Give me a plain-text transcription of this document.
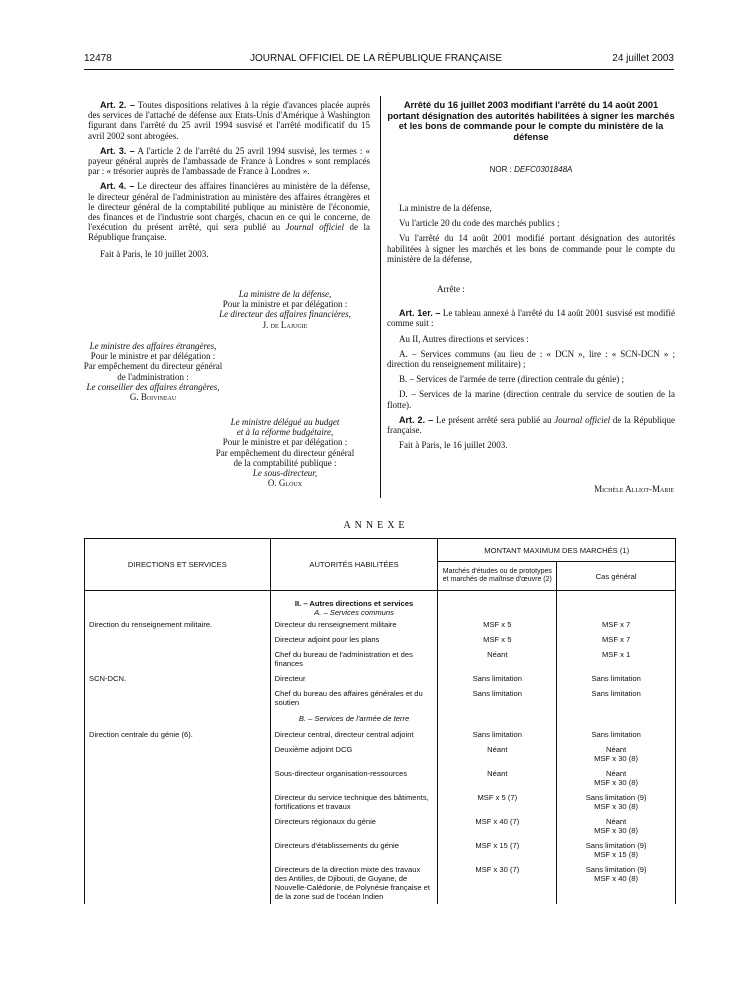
12478	JOURNAL OFFICIEL DE LA RÉPUBLIQUE FRANÇAISE	24 juillet 2003

Art. 2. – Toutes dispositions relatives à la régie d'avances placée auprès des services de l'attaché de défense aux Etats-Unis d'Amérique à Washington figurant dans l'arrêté du 25 avril 1994 susvisé et l'arrêté modificatif du 15 avril 2002 sont abrogées.

Art. 3. – A l'article 2 de l'arrêté du 25 avril 1994 susvisé, les termes : « payeur général auprès de l'ambassade de France à Londres » sont remplacés par : « trésorier auprès de l'ambassade de France à Londres ».

Art. 4. – Le directeur des affaires financières au ministère de la défense, le directeur général de l'administration au ministère des affaires étrangères et le directeur général de la comptabilité publique au ministère de l'économie, des finances et de l'industrie sont chargés, chacun en ce qui le concerne, de l'exécution du présent arrêté, qui sera publié au Journal officiel de la République française.

Fait à Paris, le 10 juillet 2003.

La ministre de la défense,
Pour la ministre et par délégation :
Le directeur des affaires financières,
J. de Lajugie
Le ministre des affaires étrangères,
Pour le ministre et par délégation :
Par empêchement du directeur général
de l'administration :
Le conseiller des affaires étrangères,
G. Boivineau
Le ministre délégué au budget
et à la réforme budgétaire,
Pour le ministre et par délégation :
Par empêchement du directeur général
de la comptabilité publique :
Le sous-directeur,
O. Gloux
Arrêté du 16 juillet 2003 modifiant l'arrêté du 14 août 2001 portant désignation des autorités habilitées à signer les marchés et les bons de commande pour le compte du ministère de la défense
NOR : DEFC0301848A

La ministre de la défense,

Vu l'article 20 du code des marchés publics ;

Vu l'arrêté du 14 août 2001 modifié portant désignation des autorités habilitées à signer les marchés et les bons de commande pour le compte du ministère de la défense,

Arrête :

Art. 1er. – Le tableau annexé à l'arrêté du 14 août 2001 susvisé est modifié comme suit :

Au II, Autres directions et services :

A. – Services communs (au lieu de : « DCN », lire : « SCN-DCN » ; direction du renseignement militaire) ;

B. – Services de l'armée de terre (direction centrale du génie) ;

D. – Services de la marine (direction centrale du service de soutien de la flotte).

Art. 2. – Le présent arrêté sera publié au Journal officiel de la République française.

Fait à Paris, le 16 juillet 2003.

Michèle Alliot-Marie
ANNEXE
DIRECTIONS ET SERVICES	AUTORITÉS HABILITÉES	MONTANT MAXIMUM DES MARCHÉS (1)	
		Marchés d'études ou de prototypes et marchés de maîtrise d'œuvre (2)	Cas général

	II. – Autres directions et services		
	A. – Services communs		
Direction du renseignement militaire.	Directeur du renseignement militaire	MSF x 5	MSF x 7
	Directeur adjoint pour les plans	MSF x 5	MSF x 7
	Chef du bureau de l'administration et des finances	Néant	MSF x 1
SCN-DCN.	Directeur	Sans limitation	Sans limitation
	Chef du bureau des affaires générales et du soutien	Sans limitation	Sans limitation
	B. – Services de l'armée de terre		
Direction centrale du génie (6).	Directeur central, directeur central adjoint	Sans limitation	Sans limitation
	Deuxième adjoint DCG	Néant	Néant
MSF x 30 (8)
	Sous-directeur organisation-ressources	Néant	Néant
MSF x 30 (8)
	Directeur du service technique des bâtiments, fortifications et travaux	MSF x 5 (7)	Sans limitation (9)
MSF x 30 (8)
	Directeurs régionaux du génie	MSF x 40 (7)	Néant
MSF x 30 (8)
	Directeurs d'établissements du génie	MSF x 15 (7)	Sans limitation (9)
MSF x 15 (8)
	Directeurs de la direction mixte des travaux des Antilles, de Djibouti, de Guyane, de Nouvelle-Calédonie, de Polynésie française et de la zone sud de l'océan Indien	MSF x 30 (7)	Sans limitation (9)
MSF x 40 (8)
